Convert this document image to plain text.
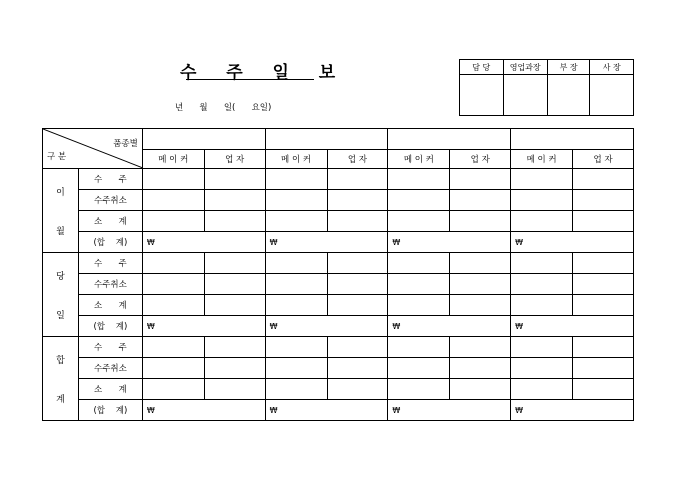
수  주  일  보
년      월      일(      요일)
담 당	영업과장	부 장	사 장

품종별
구 분									

		메 이 커	업 자	메 이 커	업 자	메 이 커	업 자	메 이 커	업 자

이
월	수      주								
	수주취소								
	소      계								
	(합    계)	₩		₩		₩		₩	

당
일	수      주								
	수주취소								
	소      계								
	(합    계)	₩		₩		₩		₩	

합
계	수      주								
	수주취소								
	소      계								
	(합    계)	₩		₩		₩		₩	
